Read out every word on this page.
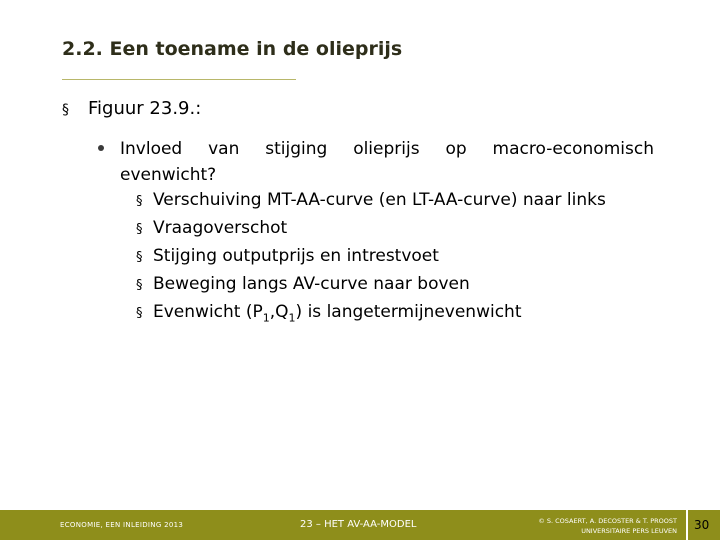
2.2. Een toename in de olieprijs
§ Figuur 23.9.:
Invloed van stijging olieprijs op macro-economisch
evenwicht?
§ Verschuiving MT-AA-curve (en LT-AA-curve) naar links
§ Vraagoverschot
§ Stijging outputprijs en intrestvoet
§ Beweging langs AV-curve naar boven
§ Evenwicht $(P_1,Q_1)$ is langetermijnevenwicht
ECONOMIE, EEN INLEIDING 2013	23 – HET AV-AA-MODEL	© S. COSAERT, A. DECOSTER & T. PROOST
UNIVERSITAIRE PERS LEUVEN 30
